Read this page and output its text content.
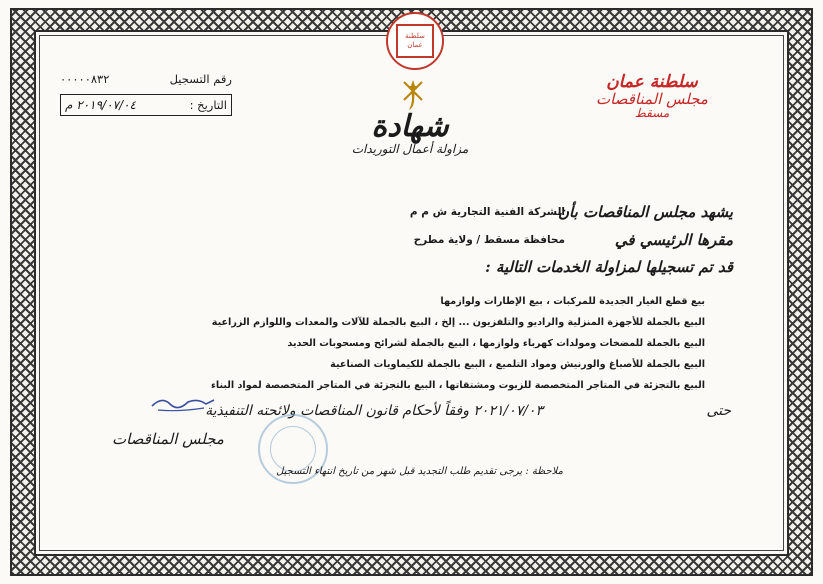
سلطنة عمان
٠٠٠٠٠٨٣٢	رقم التسجيل
٢٠١٩/٠٧/٠٤ م	التاريخ :
سلطنة عمان
مجلس المناقصات
مسقط
شهادة
مزاولة أعمال التوريدات
يشهد مجلس المناقصات بأن
الشركة الفنية التجارية ش م م
مقرها الرئيسي في
محافظة مسقط / ولاية مطرح
قد تم تسجيلها لمزاولة الخدمات التالية :
بيع قطع الغيار الجديدة للمركبات ، بيع الإطارات ولوازمها
البيع بالجملة للأجهزة المنزلية والراديو والتلفزيون ... إلخ ، البيع بالجملة للآلات والمعدات واللوازم الزراعية
البيع بالجملة للمضخات ومولدات كهرباء ولوازمها ، البيع بالجملة لشرائح ومسحوبات الحديد
البيع بالجملة للأصباغ والورنيش ومواد التلميع ، البيع بالجملة للكيماويات الصناعية
البيع بالتجزئة في المتاجر المتخصصة للزيوت ومشتقاتها ، البيع بالتجزئة في المتاجر المتخصصة لمواد البناء
حتى
٢٠٢١/٠٧/٠٣ وفقاً لأحكام قانون المناقصات ولائحته التنفيذية
مجلس المناقصات
ملاحظة : يرجى تقديم طلب التجديد قبل شهر من تاريخ انتهاء التسجيل
